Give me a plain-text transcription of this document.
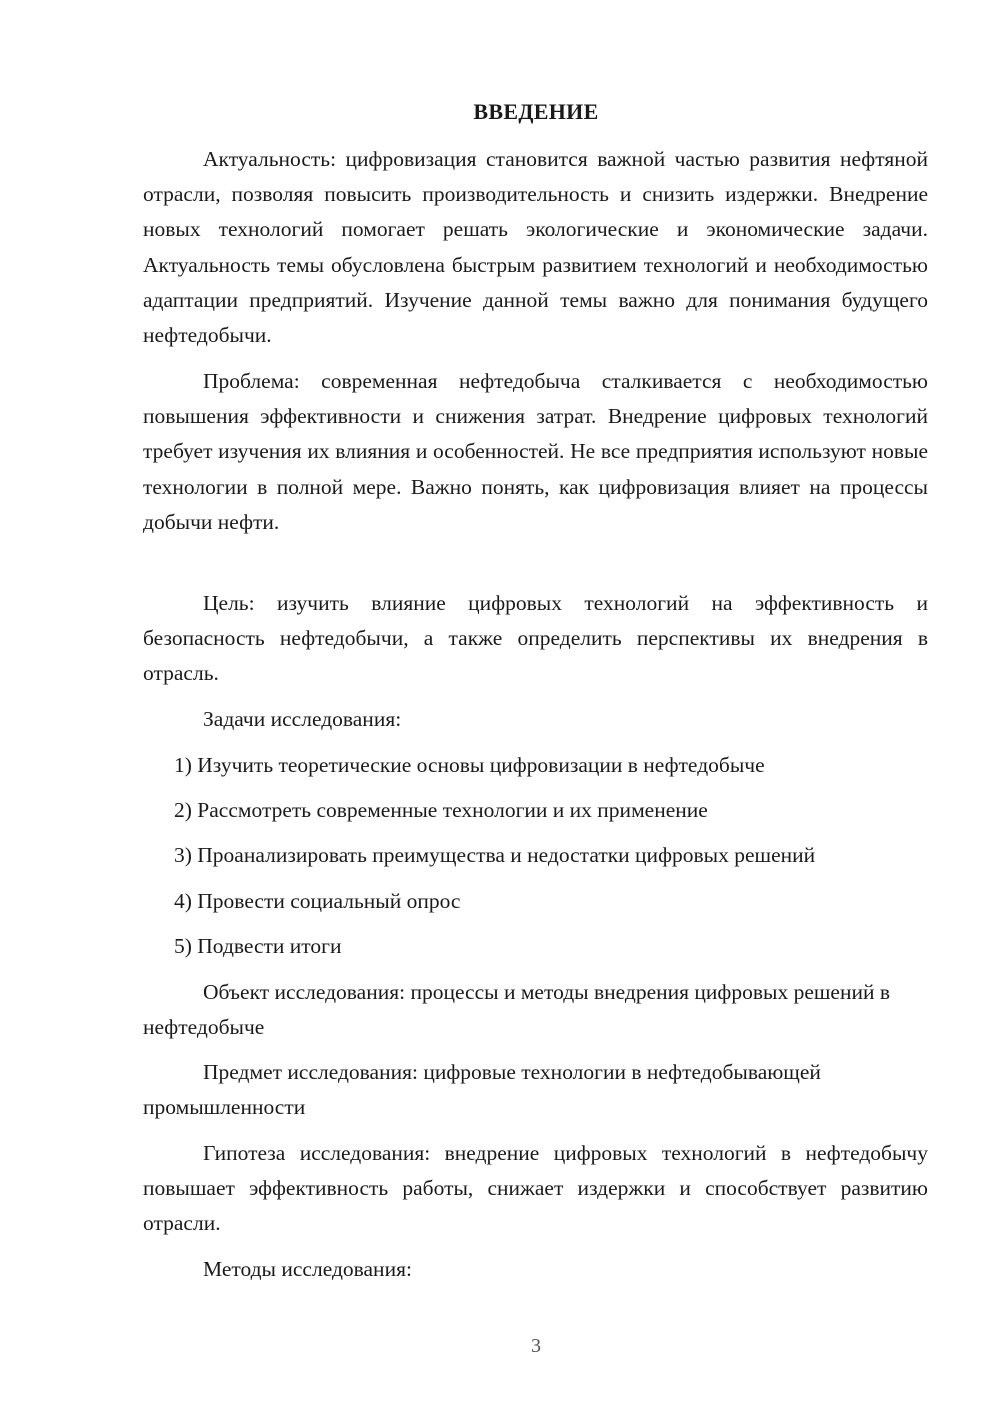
ВВЕДЕНИЕ

Актуальность: цифровизация становится важной частью развития нефтяной отрасли, позволяя повысить производительность и снизить издержки. Внедрение новых технологий помогает решать экологические и экономические задачи. Актуальность темы обусловлена быстрым развитием технологий и необходимостью адаптации предприятий. Изучение данной темы важно для понимания будущего нефтедобычи.

Проблема: современная нефтедобыча сталкивается с необходимостью повышения эффективности и снижения затрат. Внедрение цифровых технологий требует изучения их влияния и особенностей. Не все предприятия используют новые технологии в полной мере. Важно понять, как цифровизация влияет на процессы добычи нефти.

Цель: изучить влияние цифровых технологий на эффективность и безопасность нефтедобычи, а также определить перспективы их внедрения в отрасль.

Задачи исследования:

1) Изучить теоретические основы цифровизации в нефтедобыче

2) Рассмотреть современные технологии и их применение

3) Проанализировать преимущества и недостатки цифровых решений

4) Провести социальный опрос

5) Подвести итоги

Объект исследования: процессы и методы внедрения цифровых решений в нефтедобыче

Предмет исследования: цифровые технологии в нефтедобывающей промышленности

Гипотеза исследования: внедрение цифровых технологий в нефтедобычу повышает эффективность работы, снижает издержки и способствует развитию отрасли.

Методы исследования:

3
